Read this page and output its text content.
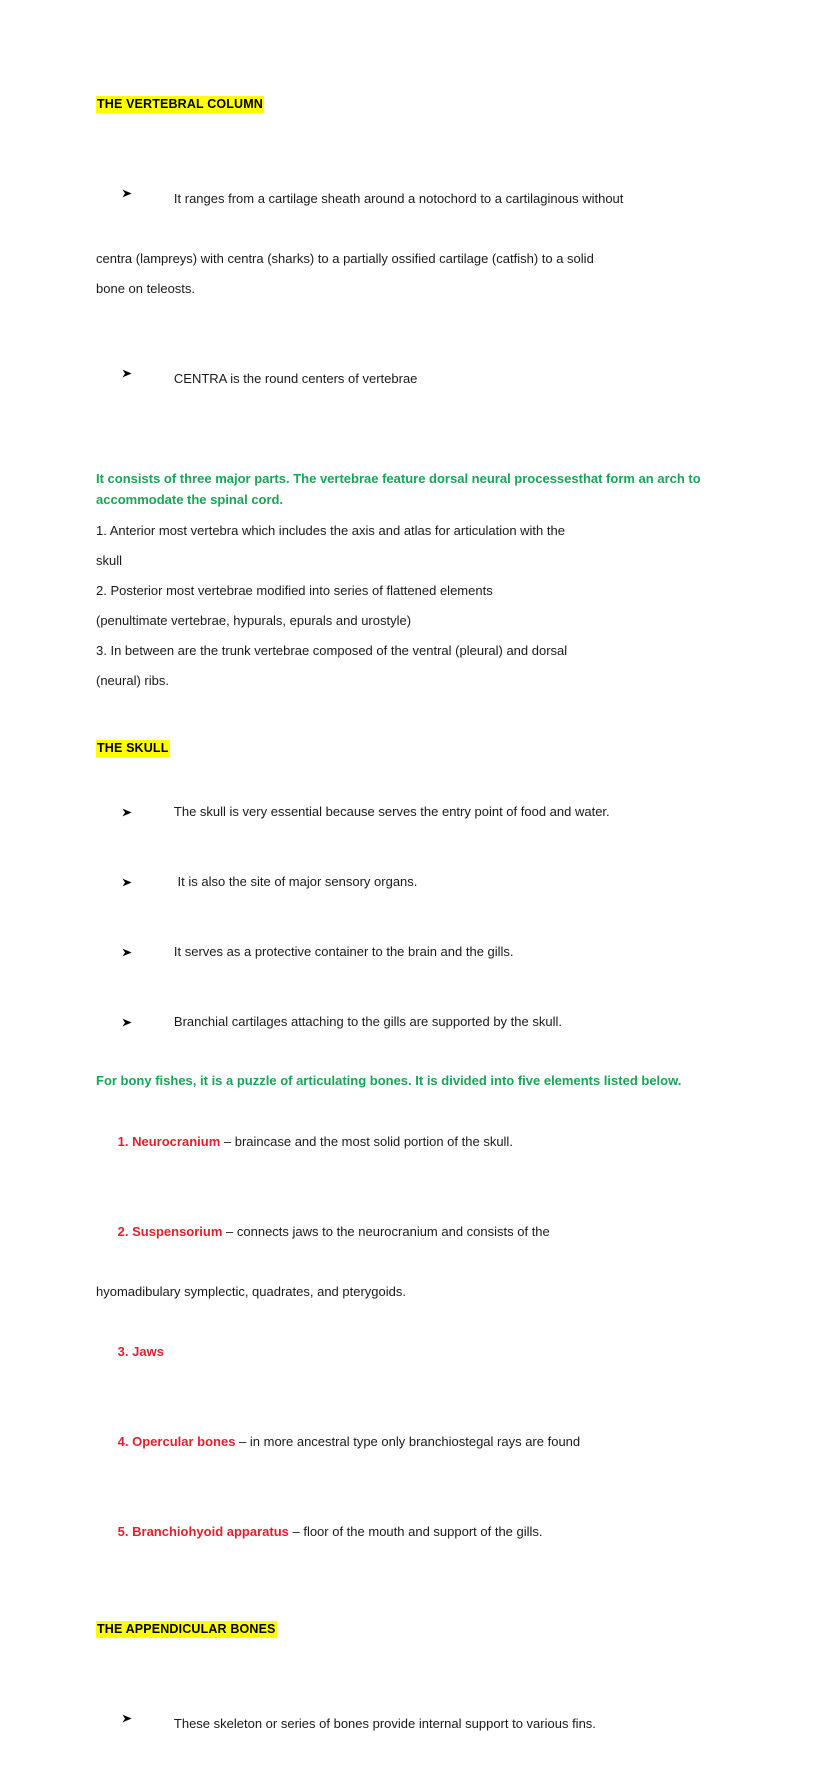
THE VERTEBRAL COLUMN

It ranges from a cartilage sheath around a notochord to a cartilaginous without

centra (lampreys) with centra (sharks) to a partially ossified cartilage (catfish) to a solid

bone on teleosts.

CENTRA is the round centers of vertebrae

It consists of three major parts. The vertebrae feature dorsal neural processesthat form an arch to accommodate the spinal cord.

1. Anterior most vertebra which includes the axis and atlas for articulation with the

skull

2. Posterior most vertebrae modified into series of flattened elements

(penultimate vertebrae, hypurals, epurals and urostyle)

3. In between are the trunk vertebrae composed of the ventral (pleural) and dorsal

(neural) ribs.

THE SKULL

The skull is very essential because serves the entry point of food and water.

It is also the site of major sensory organs.

It serves as a protective container to the brain and the gills.

Branchial cartilages attaching to the gills are supported by the skull.

For bony fishes, it is a puzzle of articulating bones. It is divided into five elements listed below.

1. Neurocranium – braincase and the most solid portion of the skull.

2. Suspensorium – connects jaws to the neurocranium and consists of the

hyomadibulary symplectic, quadrates, and pterygoids.

3. Jaws

4. Opercular bones – in more ancestral type only branchiostegal rays are found

5. Branchiohyoid apparatus – floor of the mouth and support of the gills.

THE APPENDICULAR BONES

These skeleton or series of bones provide internal support to various fins.
